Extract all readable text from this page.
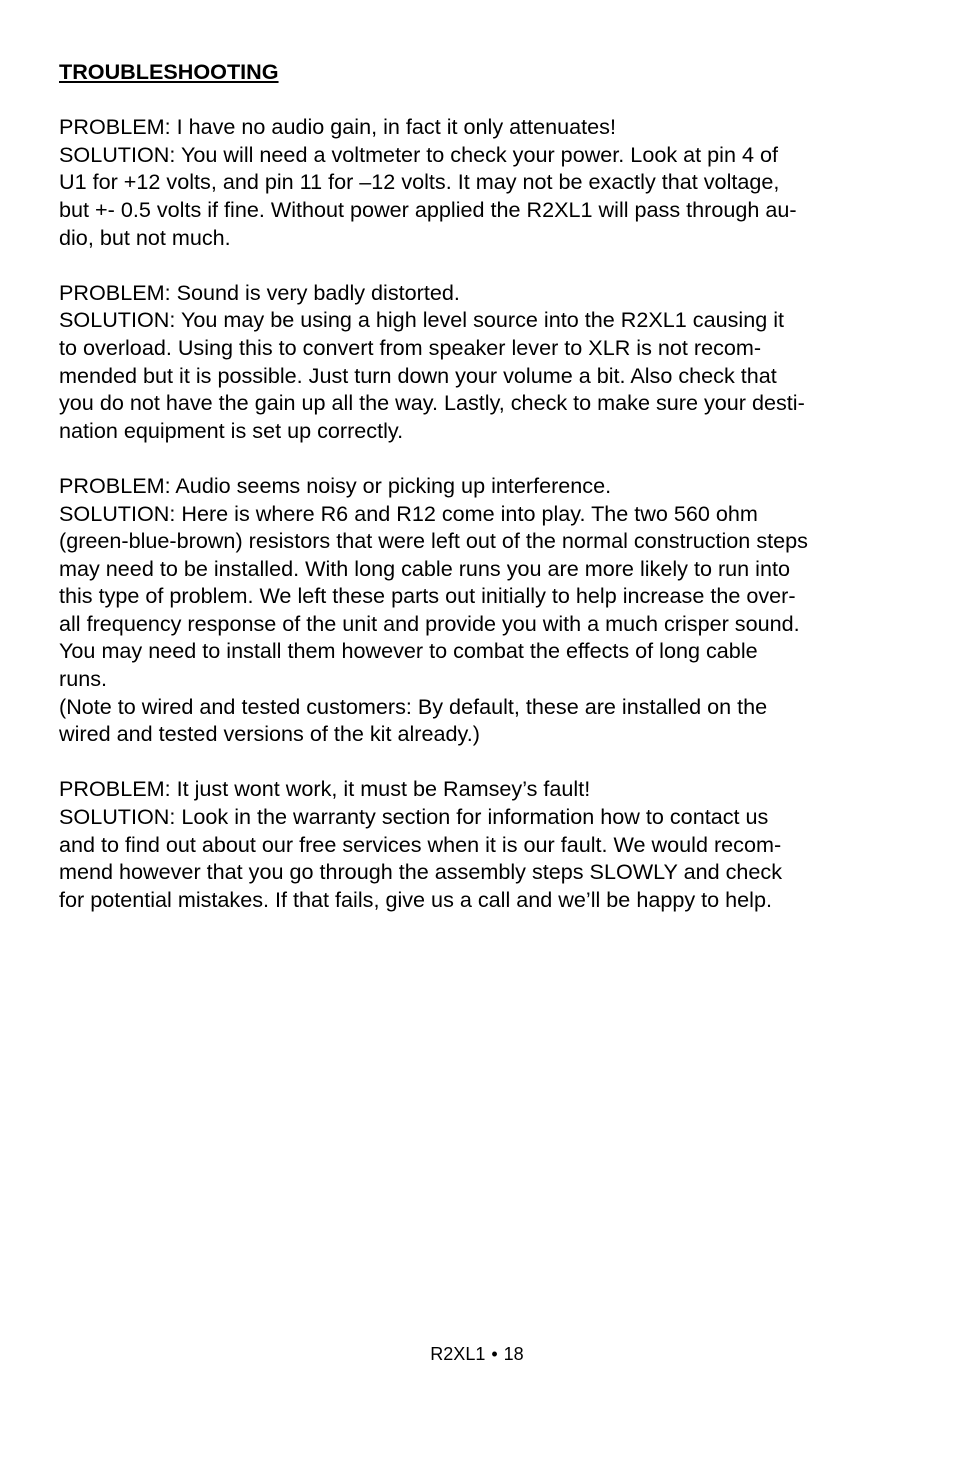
TROUBLESHOOTING
PROBLEM: I have no audio gain, in fact it only attenuates!
SOLUTION: You will need a voltmeter to check your power. Look at pin 4 of
U1 for +12 volts, and pin 11 for –12 volts. It may not be exactly that voltage,
but +- 0.5 volts if fine. Without power applied the R2XL1 will pass through au-
dio, but not much.
PROBLEM: Sound is very badly distorted.
SOLUTION: You may be using a high level source into the R2XL1 causing it
to overload. Using this to convert from speaker lever to XLR is not recom-
mended but it is possible. Just turn down your volume a bit. Also check that
you do not have the gain up all the way. Lastly, check to make sure your desti-
nation equipment is set up correctly.
PROBLEM: Audio seems noisy or picking up interference.
SOLUTION: Here is where R6 and R12 come into play. The two 560 ohm
(green-blue-brown) resistors that were left out of the normal construction steps
may need to be installed. With long cable runs you are more likely to run into
this type of problem. We left these parts out initially to help increase the over-
all frequency response of the unit and provide you with a much crisper sound.
You may need to install them however to combat the effects of long cable
runs.
(Note to wired and tested customers: By default, these are installed on the
wired and tested versions of the kit already.)
PROBLEM: It just wont work, it must be Ramsey’s fault!
SOLUTION: Look in the warranty section for information how to contact us
and to find out about our free services when it is our fault. We would recom-
mend however that you go through the assembly steps SLOWLY and check
for potential mistakes. If that fails, give us a call and we’ll be happy to help.
R2XL1 • 18
